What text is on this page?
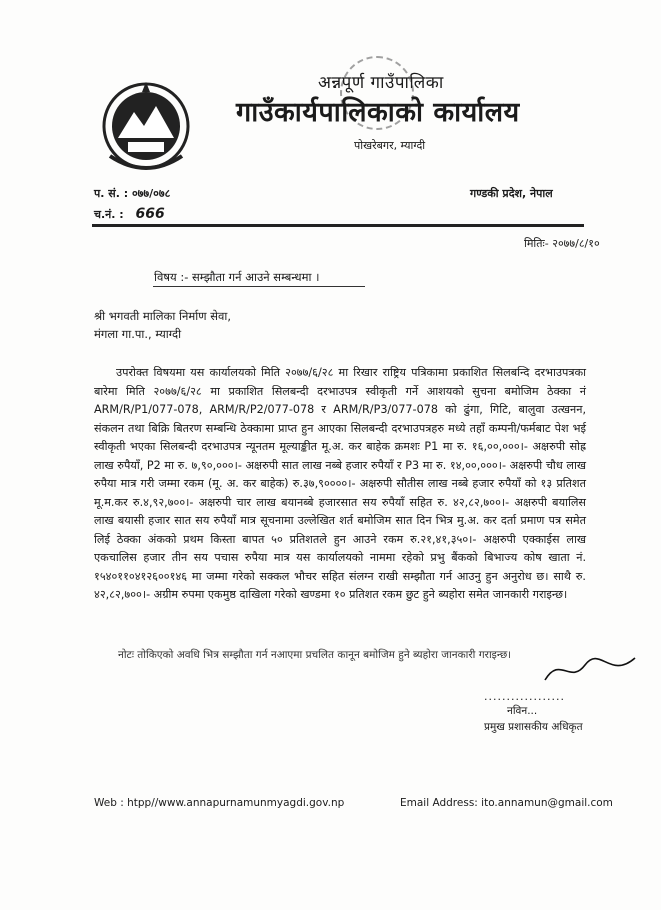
अन्नपूर्ण गाउँपालिका
गाउँकार्यपालिकाको कार्यालय
पोखरेबगर, म्याग्दी
प. सं. : ०७७/०७८
च.नं. : 666
गण्डकी प्रदेश, नेपाल
मितिः- २०७७/८/१०
विषय :- सम्झौता गर्न आउने सम्बन्धमा ।
श्री भगवती मालिका निर्माण सेवा,
मंगला गा.पा., म्याग्दी

उपरोक्त विषयमा यस कार्यालयको मिति २०७७/६/२८ मा रिखार राष्ट्रिय पत्रिकामा प्रकाशित सिलबन्दि दरभाउपत्रका बारेमा मिति २०७७/६/२८ मा प्रकाशित सिलबन्दी दरभाउपत्र स्वीकृती गर्ने आशयको सुचना बमोजिम ठेक्का नं ARM/R/P1/077-078, ARM/R/P2/077-078 र ARM/R/P3/077-078 को ढुंगा, गिटि, बालुवा उत्खनन, संकलन तथा बिक्रि बितरण सम्बन्धि ठेक्कामा प्राप्त हुन आएका सिलबन्दी दरभाउपत्रहरु मध्ये तहाँ कम्पनी/फर्मबाट पेश भई स्वीकृती भएका सिलबन्दी दरभाउपत्र न्यूनतम मूल्याङ्कीत मू.अ. कर बाहेक क्रमशः P1 मा रु. १६,००,०००।- अक्षरुपी सोह्र लाख रुपैयाँ, P2 मा रु. ७,९०,०००।- अक्षरुपी सात लाख नब्बे हजार रुपैयाँ र P3 मा रु. १४,००,०००।- अक्षरुपी चौध लाख रुपैया मात्र गरी जम्मा रकम (मू. अ. कर बाहेक) रु.३७,९००००।- अक्षरुपी सौतीस लाख नब्बे हजार रुपैयाँ को १३ प्रतिशत मू.म.कर रु.४,९२,७००।- अक्षरुपी चार लाख बयानब्बे हजारसात सय रुपैयाँ सहित रु. ४२,८२,७००।- अक्षरुपी बयालिस लाख बयासी हजार सात सय रुपैयाँ मात्र सूचनामा उल्लेखित शर्त बमोजिम सात दिन भित्र मु.अ. कर दर्ता प्रमाण पत्र समेत लिई ठेक्का अंकको प्रथम किस्ता बापत ५० प्रतिशतले हुन आउने रकम रु.२१,४१,३५०।- अक्षरुपी एक्काईस लाख एकचालिस हजार तीन सय पचास रुपैया मात्र यस कार्यालयको नाममा रहेको प्रभु बैंकको बिभाज्य कोष खाता नं. १५४०११०४१२६००१४६ मा जम्मा गरेको सक्कल भौचर सहित संलग्न राखी सम्झौता गर्न आउनु हुन अनुरोध छ। साथै रु. ४२,८२,७००।- अग्रीम रुपमा एकमुष्ठ दाखिला गरेको खण्डमा १० प्रतिशत रकम छुट हुने ब्यहोरा समेत जानकारी गराइन्छ।

नोटः तोकिएको अवधि भित्र सम्झौता गर्न नआएमा प्रचलित कानून बमोजिम हुने ब्यहोरा जानकारी गराइन्छ।
..................
नविन...
प्रमुख प्रशासकीय अधिकृत
Web : htpp//www.annapurnamunmyagdi.gov.np	Email Address: ito.annamun@gmail.com
